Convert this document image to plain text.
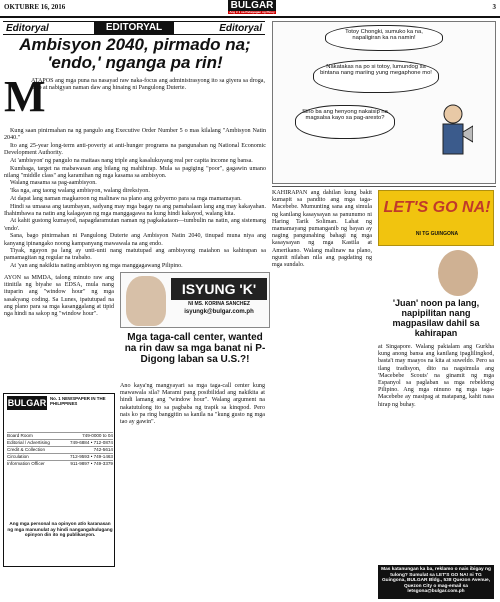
OKTUBRE 16, 2016	BULGAR
Ang # 1 na Pahayagan ng Pinoy
3
Editoryal	EDITORYAL	Editoryal
Ambisyon 2040, pirmado na; 'endo,' nganga pa rin!
M
ATAPOS ang mga puna na nasayad raw naka-focus ang administrasyong ito sa giyera sa droga, heto at nabigyan naman daw ang hinaing ni Pangulong Duterte.

Kung saan pinirmahan na ng pangulo ang Executive Order Number 5 o mas kilalang "Ambisyon Natin 2040."

Ito ang 25-year long-term anti-poverty at anti-hunger programs na pangunahan ng National Economic Development Authority.

At 'ambisyon' ng pangulo na maitaas nang triple ang kasalukuyang real per capita income ng bansa.

Kumbaga, target na mabawasan ang bilang ng mahihirap. Mula sa pagiging "poor", gagawin umano nilang "middle class" ang karamihan ng mga kasama sa ambisyon.

Walang masama sa pag-aambisyon.

'Ika nga, ang taong walang ambisyon, walang direksiyon.

At dapat lang naman magkaroon ng malinaw na plano ang gobyerno para sa mga mamamayan.

Hindi sa umaasa ang taumbayan, sadyang may mga bagay na ang pamahalaan lang ang may kakayahan. Ihahimbawa na natin ang kalagayan ng mga manggagawa na kung hindi kakayod, walang kita.

At kahit gustong kumayod, napagdaramutan naman ng pagkakataon—tumbulin na natin, ang sistemang 'endo'.

Sana, bago pinirmahan ni Pangulong Duterte ang Ambisyon Natin 2040, tinupad muna niya ang kanyang ipinangako noong kampanyang mawawala na ang endo.

Tiyak, ngayon pa lang ay unti-unti nang matutupad ang ambisyong maiahon sa kahirapan sa pamamagitan ng regular na trabaho.

At 'yan ang nakikita nating ambisyon ng mga manggagawang Pilipino.

Totoy Chongki, sumuko ka na, napaligiran ka na namin!
Nakatakas na po si totoy, lumundog sa bintana nang mariing yung megaphone mo!
Sino ba ang henyong nakaisip na magsalsa kayo sa pag-aresto?
AYON sa MMDA, talong minuto raw ang itinitila ng biyahe sa EDSA, mula nang ituparin ang "window hour" ng mga sasakyang coding. Sa Lunes, ipatutupad na ang plano para sa mga kasanggalang at tipid nga hindi na sakop ng "window hour".
ISYUNG 'K'
NI MS. KORINA SANCHEZ
isyungk@bulgar.com.ph
Mga taga-call center, wanted na rin daw sa mga banat ni P-Digong laban sa U.S.?!
Ano kaya'ng mangyayari sa mga taga-call center kung mawawala sila? Marami pang posibilidad ang nakikita at hindi lamang ang "window hour". Walang argument na nakatutulong ito sa pagbaba ng trapik sa kinqpod. Pero nais ko pa ring banggitin sa kanila na "kung gusto ng mga tao ay gawin".
BULGAR No. 1 NEWSPAPER IN THE PHILIPPINES
Board Room	749-0000 to 04
Editorial / Advertising	749-6884 • 712-0874
Credit & Collection	742-5614
Circulation	712-9593 • 749-1463
Information Officer	911-9897 • 749-3379
Ang mga personal na opinyon at/o karanasan ng mga manunulat ay hindi nangangahulugang opinyon din ito ng publikasyon.
KAHIRAPAN ang dahilan kung bakit kumapit sa pandito ang mga taga-Macebebe. Mumunting sana ang simula ng kanilang kasaysayan sa panunumo ni Haring Tarik Soliman. Lahat ng mamamayang pumanganib ng bayan ay naging pangunahing bahagi ng mga kasaysayan ng mga Kastila at Amerikano. Walang malinaw na plano, ngunit nilaban nila ang pagdating ng mga sundalo.
LET'S GO NA!
NI TG GUINGONA
'Juan' noon pa lang, napipilitan nang magpasilaw dahil sa kahirapan
at Singapore. Walang pakialam ang Gurkha kung anong bansa ang kanilang ipaglilingkod, basta't may maayos na kita at suweldo. Pero sa ilang tradisyon, dito na nagsimula ang 'Macebebe Scouts' na ginamit ng mga Espanyol sa paglaban sa mga rebeldeng Pilipino. Ang mga ninuno ng mga taga-Macebebe ay masipag at matapang, kahit nasa hirap ng buhay.
Mas katanungan ka ba, reklamo o nais ibigay ng tulong? Sumulat sa LET'S GO NA! ni TG Guingona, BULGAR Bldg., 538 Quezon Avenue, Quezon City o mag-email sa letsgona@bulgar.com.ph
